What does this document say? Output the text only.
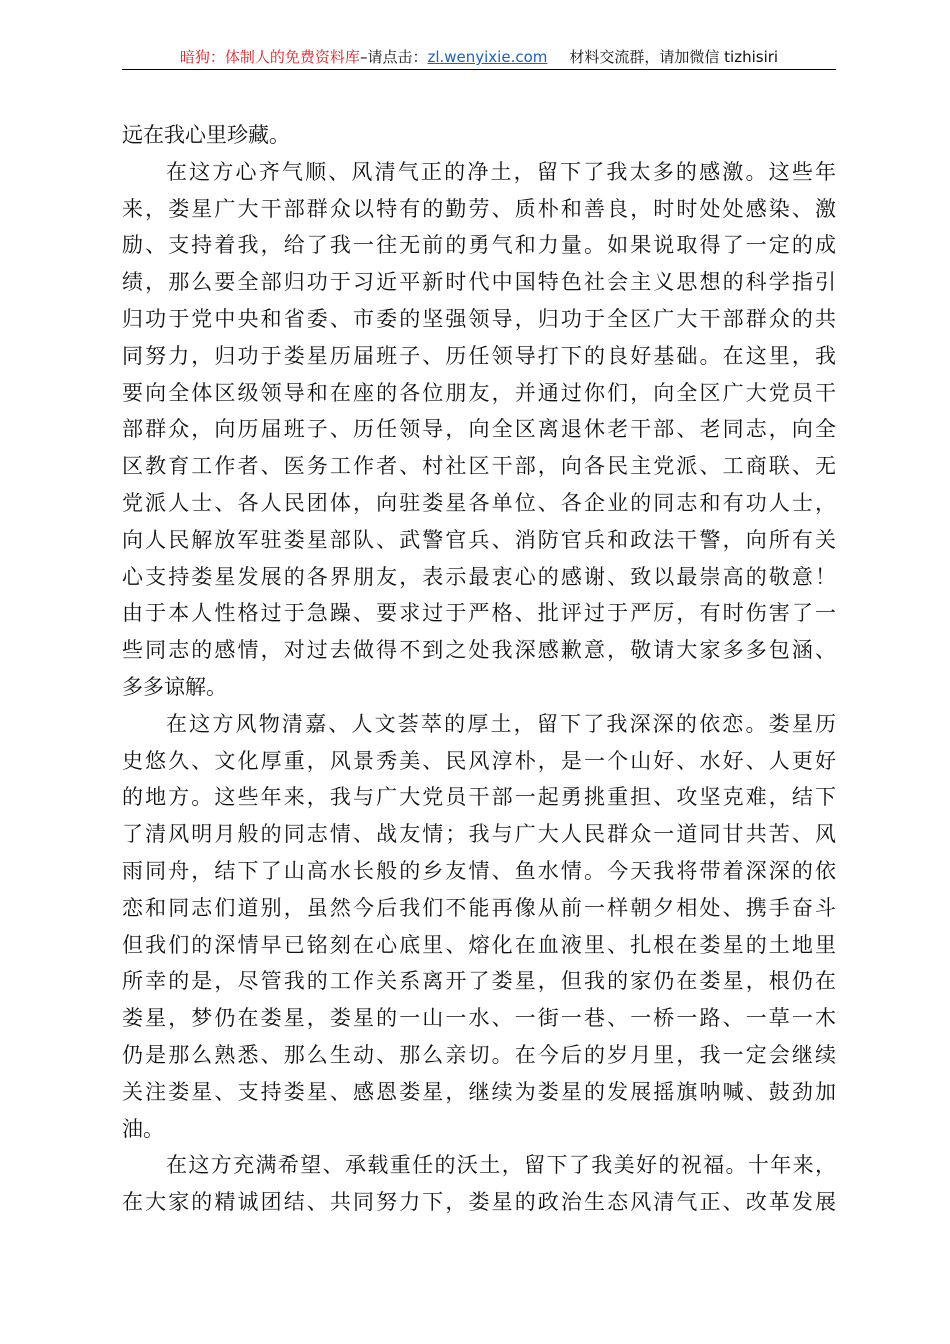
暗狗：体制人的免费资料库–请点击：zl.wenyixie.com 材料交流群，请加微信 tizhisiri
远在我心里珍藏。
在这方心齐气顺、风清气正的净土，留下了我太多的感激。这些年
来，娄星广大干部群众以特有的勤劳、质朴和善良，时时处处感染、激
励、支持着我，给了我一往无前的勇气和力量。如果说取得了一定的成
绩，那么要全部归功于习近平新时代中国特色社会主义思想的科学指引
归功于党中央和省委、市委的坚强领导，归功于全区广大干部群众的共
同努力，归功于娄星历届班子、历任领导打下的良好基础。在这里，我
要向全体区级领导和在座的各位朋友，并通过你们，向全区广大党员干
部群众，向历届班子、历任领导，向全区离退休老干部、老同志，向全
区教育工作者、医务工作者、村社区干部，向各民主党派、工商联、无
党派人士、各人民团体，向驻娄星各单位、各企业的同志和有功人士，
向人民解放军驻娄星部队、武警官兵、消防官兵和政法干警，向所有关
心支持娄星发展的各界朋友，表示最衷心的感谢、致以最崇高的敬意！
由于本人性格过于急躁、要求过于严格、批评过于严厉，有时伤害了一
些同志的感情，对过去做得不到之处我深感歉意，敬请大家多多包涵、
多多谅解。
在这方风物清嘉、人文荟萃的厚土，留下了我深深的依恋。娄星历
史悠久、文化厚重，风景秀美、民风淳朴，是一个山好、水好、人更好
的地方。这些年来，我与广大党员干部一起勇挑重担、攻坚克难，结下
了清风明月般的同志情、战友情；我与广大人民群众一道同甘共苦、风
雨同舟，结下了山高水长般的乡友情、鱼水情。今天我将带着深深的依
恋和同志们道别，虽然今后我们不能再像从前一样朝夕相处、携手奋斗
但我们的深情早已铭刻在心底里、熔化在血液里、扎根在娄星的土地里
所幸的是，尽管我的工作关系离开了娄星，但我的家仍在娄星，根仍在
娄星，梦仍在娄星，娄星的一山一水、一街一巷、一桥一路、一草一木
仍是那么熟悉、那么生动、那么亲切。在今后的岁月里，我一定会继续
关注娄星、支持娄星、感恩娄星，继续为娄星的发展摇旗呐喊、鼓劲加
油。
在这方充满希望、承载重任的沃土，留下了我美好的祝福。十年来，
在大家的精诚团结、共同努力下，娄星的政治生态风清气正、改革发展
